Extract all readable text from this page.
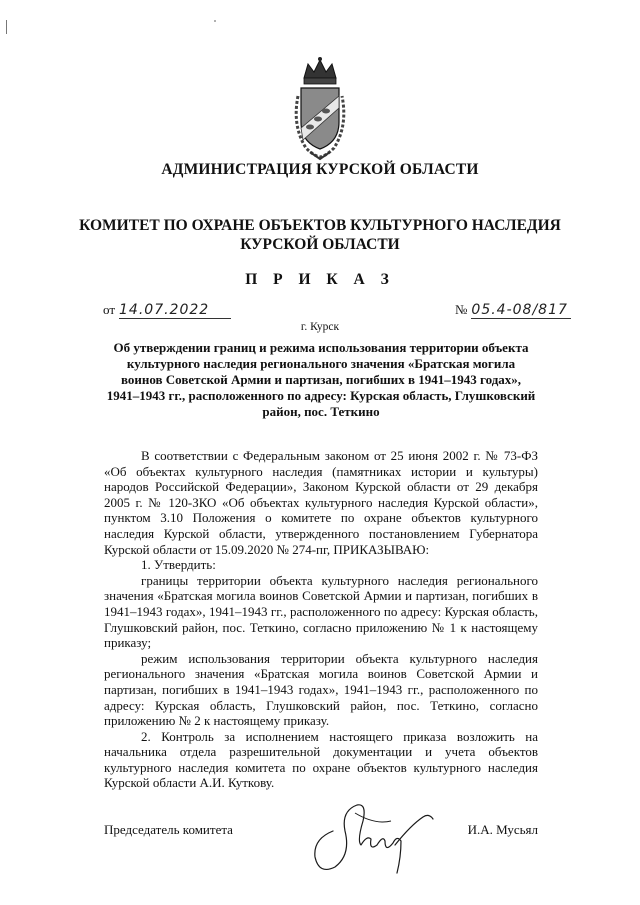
АДМИНИСТРАЦИЯ КУРСКОЙ ОБЛАСТИ
КОМИТЕТ ПО ОХРАНЕ ОБЪЕКТОВ КУЛЬТУРНОГО НАСЛЕДИЯ
КУРСКОЙ ОБЛАСТИ
П Р И К А З
от 14.07.2022	№ 05.4-08/817
г. Курск
Об утверждении границ и режима использования территории объекта культурного наследия регионального значения «Братская могила воинов Советской Армии и партизан, погибших в 1941–1943 годах», 1941–1943 гг., расположенного по адресу: Курская область, Глушковский район, пос. Теткино

В соответствии с Федеральным законом от 25 июня 2002 г. № 73-ФЗ «Об объектах культурного наследия (памятниках истории и культуры) народов Российской Федерации», Законом Курской области от 29 декабря 2005 г. № 120-ЗКО «Об объектах культурного наследия Курской области», пунктом 3.10 Положения о комитете по охране объектов культурного наследия Курской области, утвержденного постановлением Губернатора Курской области от 15.09.2020 № 274-пг, ПРИКАЗЫВАЮ:

1. Утвердить:

границы территории объекта культурного наследия регионального значения «Братская могила воинов Советской Армии и партизан, погибших в 1941–1943 годах», 1941–1943 гг., расположенного по адресу: Курская область, Глушковский район, пос. Теткино, согласно приложению № 1 к настоящему приказу;

режим использования территории объекта культурного наследия регионального значения «Братская могила воинов Советской Армии и партизан, погибших в 1941–1943 годах», 1941–1943 гг., расположенного по адресу: Курская область, Глушковский район, пос. Теткино, согласно приложению № 2 к настоящему приказу.

2. Контроль за исполнением настоящего приказа возложить на начальника отдела разрешительной документации и учета объектов культурного наследия комитета по охране объектов культурного наследия Курской области А.И. Куткову.

Председатель комитета	И.А. Мусьял
